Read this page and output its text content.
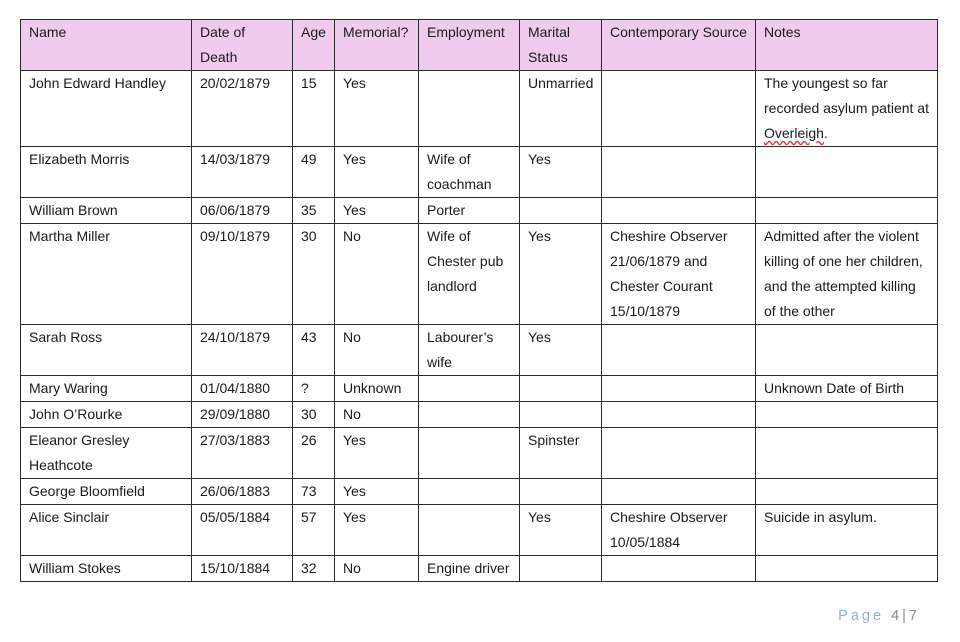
Name	Date of Death	Age	Memorial?	Employment	Marital Status	Contemporary Source	Notes
John Edward Handley	20/02/1879	15	Yes		Unmarried		The youngest so far recorded asylum patient at Overleigh.
Elizabeth Morris	14/03/1879	49	Yes	Wife of coachman	Yes		
William Brown	06/06/1879	35	Yes	Porter			
Martha Miller	09/10/1879	30	No	Wife of Chester pub landlord	Yes	Cheshire Observer 21/06/1879 and Chester Courant 15/10/1879	Admitted after the violent killing of one her children, and the attempted killing of the other
Sarah Ross	24/10/1879	43	No	Labourer’s wife	Yes		
Mary Waring	01/04/1880	?	Unknown				Unknown Date of Birth
John O’Rourke	29/09/1880	30	No				
Eleanor Gresley Heathcote	27/03/1883	26	Yes		Spinster		
George Bloomfield	26/06/1883	73	Yes				
Alice Sinclair	05/05/1884	57	Yes		Yes	Cheshire Observer 10/05/1884	Suicide in asylum.
William Stokes	15/10/1884	32	No	Engine driver			
Page 4|7
